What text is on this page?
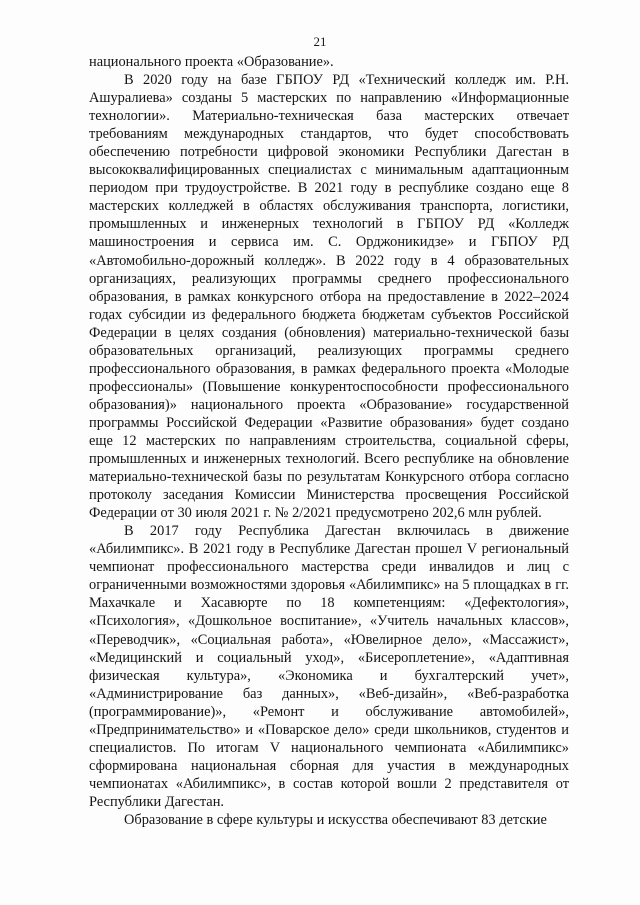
21

национального проекта «Образование».

В 2020 году на базе ГБПОУ РД «Технический колледж им. Р.Н. Ашуралиева» созданы 5 мастерских по направлению «Информационные технологии». Материально-техническая база мастерских отвечает требованиям международных стандартов, что будет способствовать обеспечению потребности цифровой экономики Республики Дагестан в высококвалифицированных специалистах с минимальным адаптационным периодом при трудоустройстве. В 2021 году в республике создано еще 8 мастерских колледжей в областях обслуживания транспорта, логистики, промышленных и инженерных технологий в ГБПОУ РД «Колледж машиностроения и сервиса им. С. Орджоникидзе» и ГБПОУ РД «Автомобильно-дорожный колледж». В 2022 году в 4 образовательных организациях, реализующих программы среднего профессионального образования, в рамках конкурсного отбора на предоставление в 2022–2024 годах субсидии из федерального бюджета бюджетам субъектов Российской Федерации в целях создания (обновления) материально-технической базы образовательных организаций, реализующих программы среднего профессионального образования, в рамках федерального проекта «Молодые профессионалы» (Повышение конкурентоспособности профессионального образования)» национального проекта «Образование» государственной программы Российской Федерации «Развитие образования» будет создано еще 12 мастерских по направлениям строительства, социальной сферы, промышленных и инженерных технологий. Всего республике на обновление материально-технической базы по результатам Конкурсного отбора согласно протоколу заседания Комиссии Министерства просвещения Российской Федерации от 30 июля 2021 г. № 2/2021 предусмотрено 202,6 млн рублей.

В 2017 году Республика Дагестан включилась в движение «Абилимпикс». В 2021 году в Республике Дагестан прошел V региональный чемпионат профессионального мастерства среди инвалидов и лиц с ограниченными возможностями здоровья «Абилимпикс» на 5 площадках в гг. Махачкале и Хасавюрте по 18 компетенциям: «Дефектология», «Психология», «Дошкольное воспитание», «Учитель начальных классов», «Переводчик», «Социальная работа», «Ювелирное дело», «Массажист», «Медицинский и социальный уход», «Бисероплетение», «Адаптивная физическая культура», «Экономика и бухгалтерский учет», «Администрирование баз данных», «Веб-дизайн», «Веб-разработка (программирование)», «Ремонт и обслуживание автомобилей», «Предпринимательство» и «Поварское дело» среди школьников, студентов и специалистов. По итогам V национального чемпионата «Абилимпикс» сформирована национальная сборная для участия в международных чемпионатах «Абилимпикс», в состав которой вошли 2 представителя от Республики Дагестан.

Образование в сфере культуры и искусства обеспечивают 83 детские
